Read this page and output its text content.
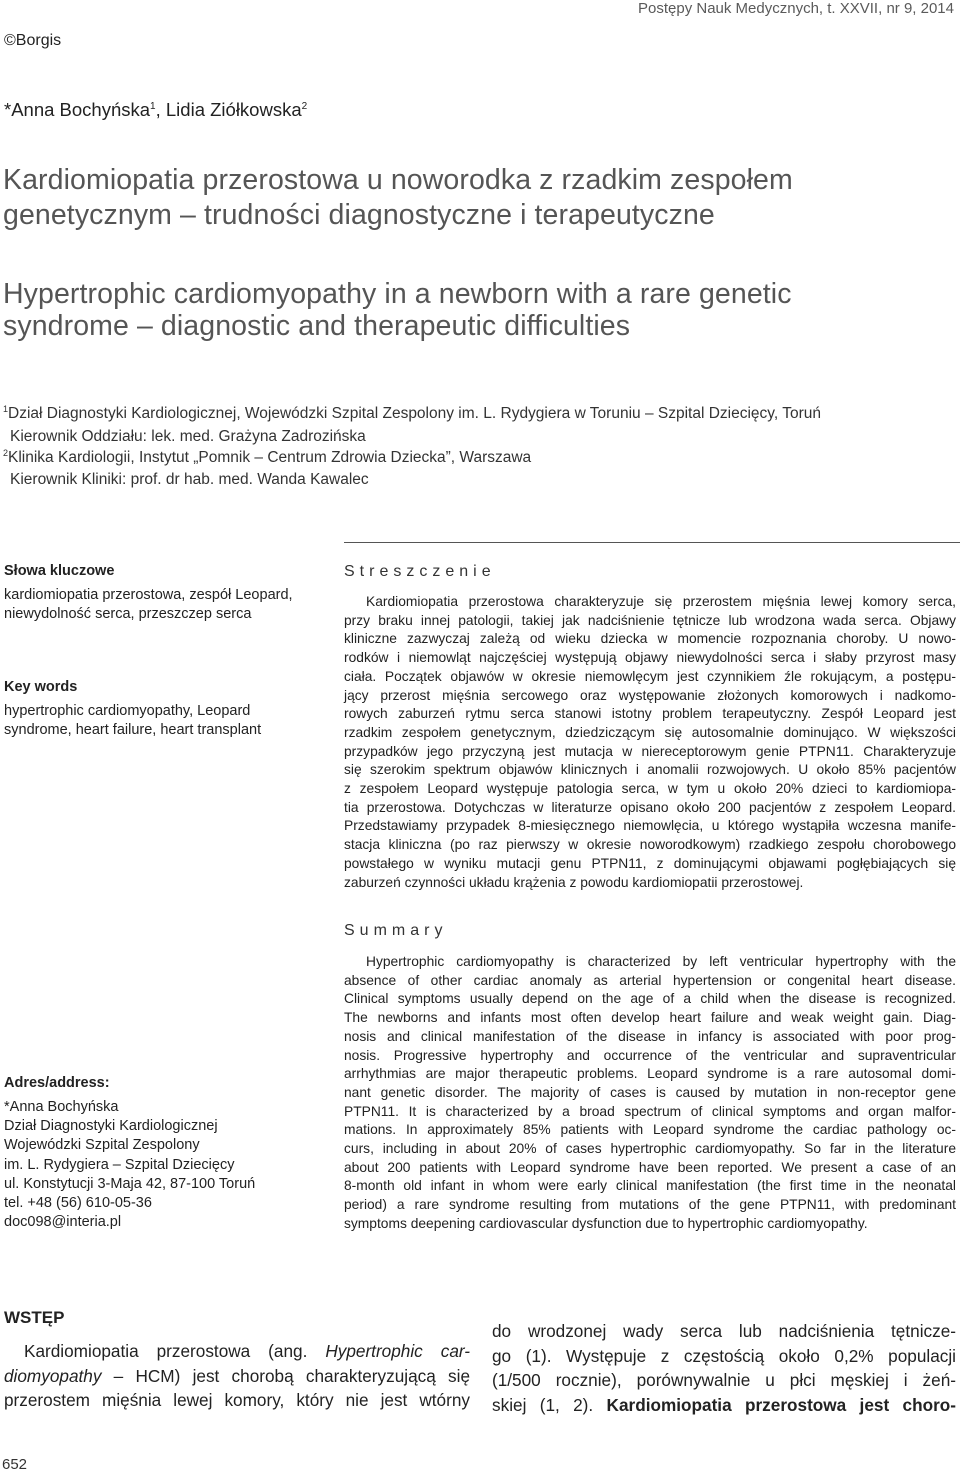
Postępy Nauk Medycznych, t. XXVII, nr 9, 2014
©Borgis
*Anna Bochyńska$^1$, Lidia Ziółkowska$^2$
Kardiomiopatia przerostowa u noworodka z rzadkim zespołem
genetycznym – trudności diagnostyczne i terapeutyczne
Hypertrophic cardiomyopathy in a newborn with a rare genetic
syndrome – diagnostic and therapeutic difficulties
$^1$Dział Diagnostyki Kardiologicznej, Wojewódzki Szpital Zespolony im. L. Rydygiera w Toruniu – Szpital Dziecięcy, Toruń
Kierownik Oddziału: lek. med. Grażyna Zadrozińska
$^2$Klinika Kardiologii, Instytut „Pomnik – Centrum Zdrowia Dziecka”, Warszawa
Kierownik Kliniki: prof. dr hab. med. Wanda Kawalec
Słowa kluczowe
kardiomiopatia przerostowa, zespół Leopard, niewydolność serca, przeszczep serca
Key words
hypertrophic cardiomyopathy, Leopard syndrome, heart failure, heart transplant
Adres/address:
*Anna Bochyńska
Dział Diagnostyki Kardiologicznej
Wojewódzki Szpital Zespolony
im. L. Rydygiera – Szpital Dziecięcy
ul. Konstytucji 3-Maja 42, 87-100 Toruń
tel. +48 (56) 610-05-36
doc098@interia.pl
Streszczenie
Kardiomiopatia przerostowa charakteryzuje się przerostem mięśnia lewej komory serca,
przy braku innej patologii, takiej jak nadciśnienie tętnicze lub wrodzona wada serca. Objawy
kliniczne zazwyczaj zależą od wieku dziecka w momencie rozpoznania choroby. U nowo-
rodków i niemowląt najczęściej występują objawy niewydolności serca i słaby przyrost masy
ciała. Początek objawów w okresie niemowlęcym jest czynnikiem źle rokującym, a postępu-
jący przerost mięśnia sercowego oraz występowanie złożonych komorowych i nadkomo-
rowych zaburzeń rytmu serca stanowi istotny problem terapeutyczny. Zespół Leopard jest
rzadkim zespołem genetycznym, dziedziczącym się autosomalnie dominująco. W większości
przypadków jego przyczyną jest mutacja w niereceptorowym genie PTPN11. Charakteryzuje
się szerokim spektrum objawów klinicznych i anomalii rozwojowych. U około 85% pacjentów
z zespołem Leopard występuje patologia serca, w tym u około 20% dzieci to kardiomiopa-
tia przerostowa. Dotychczas w literaturze opisano około 200 pacjentów z zespołem Leopard.
Przedstawiamy przypadek 8-miesięcznego niemowlęcia, u którego wystąpiła wczesna manife-
stacja kliniczna (po raz pierwszy w okresie noworodkowym) rzadkiego zespołu chorobowego
powstałego w wyniku mutacji genu PTPN11, z dominującymi objawami pogłębiających się
zaburzeń czynności układu krążenia z powodu kardiomiopatii przerostowej.
Summary
Hypertrophic cardiomyopathy is characterized by left ventricular hypertrophy with the
absence of other cardiac anomaly as arterial hypertension or congenital heart disease.
Clinical symptoms usually depend on the age of a child when the disease is recognized.
The newborns and infants most often develop heart failure and weak weight gain. Diag-
nosis and clinical manifestation of the disease in infancy is associated with poor prog-
nosis. Progressive hypertrophy and occurrence of the ventricular and supraventricular
arrhythmias are major therapeutic problems. Leopard syndrome is a rare autosomal domi-
nant genetic disorder. The majority of cases is caused by mutation in non-receptor gene
PTPN11. It is characterized by a broad spectrum of clinical symptoms and organ malfor-
mations. In approximately 85% patients with Leopard syndrome the cardiac pathology oc-
curs, including in about 20% of cases hypertrophic cardiomyopathy. So far in the literature
about 200 patients with Leopard syndrome have been reported. We present a case of an
8-month old infant in whom were early clinical manifestation (the first time in the neonatal
period) a rare syndrome resulting from mutations of the gene PTPN11, with predominant
symptoms deepening cardiovascular dysfunction due to hypertrophic cardiomyopathy.
WSTĘP
Kardiomiopatia przerostowa (ang. Hypertrophic car-
diomyopathy – HCM) jest chorobą charakteryzującą się
przerostem mięśnia lewej komory, który nie jest wtórny
do wrodzonej wady serca lub nadciśnienia tętnicze-
go (1). Występuje z częstością około 0,2% populacji
(1/500 rocznie), porównywalnie u płci męskiej i żeń-
skiej (1, 2). Kardiomiopatia przerostowa jest choro-
652
